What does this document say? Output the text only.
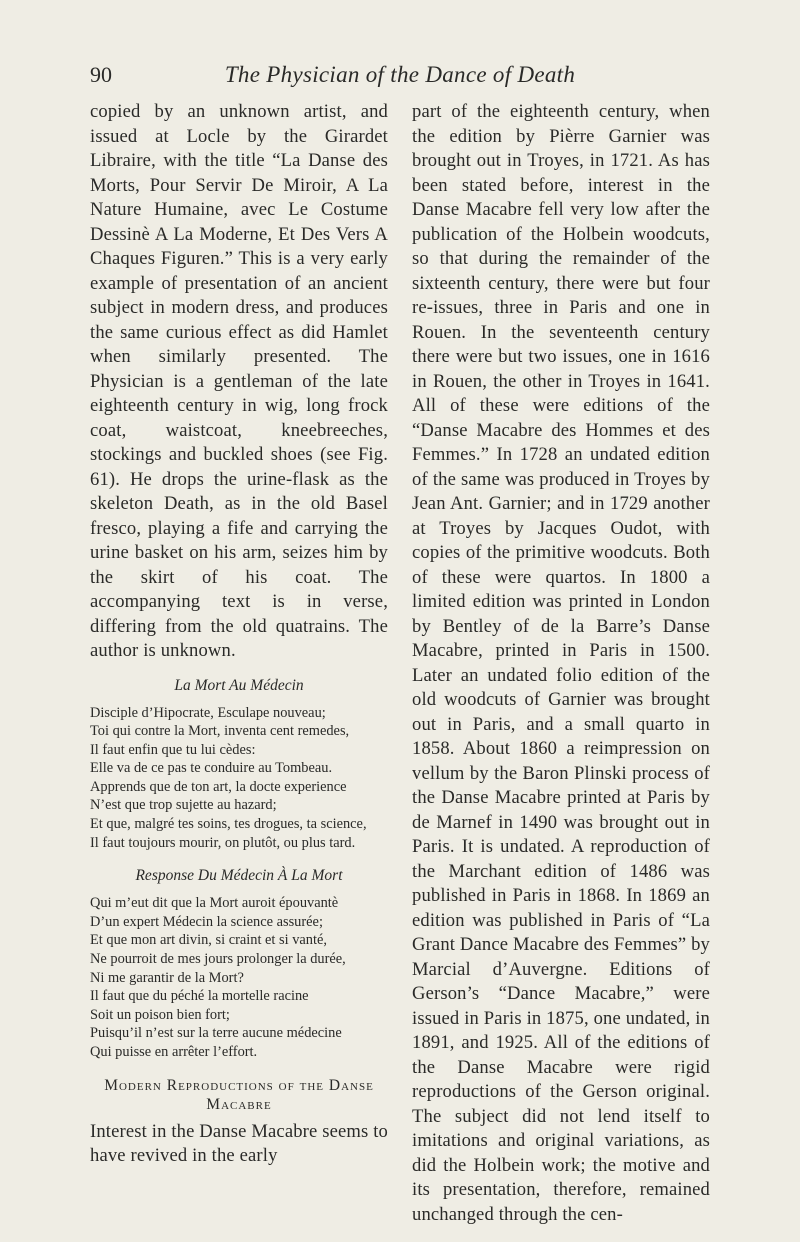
90	The Physician of the Dance of Death

copied by an unknown artist, and issued at Locle by the Girardet Libraire, with the title “La Danse des Morts, Pour Servir De Miroir, A La Nature Humaine, avec Le Costume Dessinè A La Moderne, Et Des Vers A Chaques Figuren.” This is a very early example of presentation of an ancient subject in modern dress, and produces the same curious effect as did Hamlet when similarly presented. The Physician is a gentleman of the late eighteenth century in wig, long frock coat, waistcoat, kneebreeches, stockings and buckled shoes (see Fig. 61). He drops the urine-flask as the skeleton Death, as in the old Basel fresco, playing a fife and carrying the urine basket on his arm, seizes him by the skirt of his coat. The accompanying text is in verse, differing from the old quatrains. The author is unknown.

La Mort Au Médecin
Disciple d’Hipocrate, Esculape nouveau;
Toi qui contre la Mort, inventa cent remedes,
Il faut enfin que tu lui cèdes:
Elle va de ce pas te conduire au Tombeau.
Apprends que de ton art, la docte experience
N’est que trop sujette au hazard;
Et que, malgré tes soins, tes drogues, ta science,
Il faut toujours mourir, on plutôt, ou plus tard.
Response Du Médecin À La Mort
Qui m’eut dit que la Mort auroit épouvantè
D’un expert Médecin la science assurée;
Et que mon art divin, si craint et si vanté,
Ne pourroit de mes jours prolonger la durée,
Ni me garantir de la Mort?
Il faut que du péché la mortelle racine
Soit un poison bien fort;
Puisqu’il n’est sur la terre aucune médecine
Qui puisse en arrêter l’effort.
Modern Reproductions of the Danse Macabre

Interest in the Danse Macabre seems to have revived in the early

part of the eighteenth century, when the edition by Pièrre Garnier was brought out in Troyes, in 1721. As has been stated before, interest in the Danse Macabre fell very low after the publication of the Holbein woodcuts, so that during the remainder of the sixteenth century, there were but four re-issues, three in Paris and one in Rouen. In the seventeenth century there were but two issues, one in 1616 in Rouen, the other in Troyes in 1641. All of these were editions of the “Danse Macabre des Hommes et des Femmes.” In 1728 an undated edition of the same was produced in Troyes by Jean Ant. Garnier; and in 1729 another at Troyes by Jacques Oudot, with copies of the primitive woodcuts. Both of these were quartos. In 1800 a limited edition was printed in London by Bentley of de la Barre’s Danse Macabre, printed in Paris in 1500. Later an undated folio edition of the old woodcuts of Garnier was brought out in Paris, and a small quarto in 1858. About 1860 a reimpression on vellum by the Baron Plinski process of the Danse Macabre printed at Paris by de Marnef in 1490 was brought out in Paris. It is undated. A reproduction of the Marchant edition of 1486 was published in Paris in 1868. In 1869 an edition was published in Paris of “La Grant Dance Macabre des Femmes” by Marcial d’Auvergne. Editions of Gerson’s “Dance Macabre,” were issued in Paris in 1875, one undated, in 1891, and 1925. All of the editions of the Danse Macabre were rigid reproductions of the Gerson original. The subject did not lend itself to imitations and original variations, as did the Holbein work; the motive and its presentation, therefore, remained unchanged through the cen-
